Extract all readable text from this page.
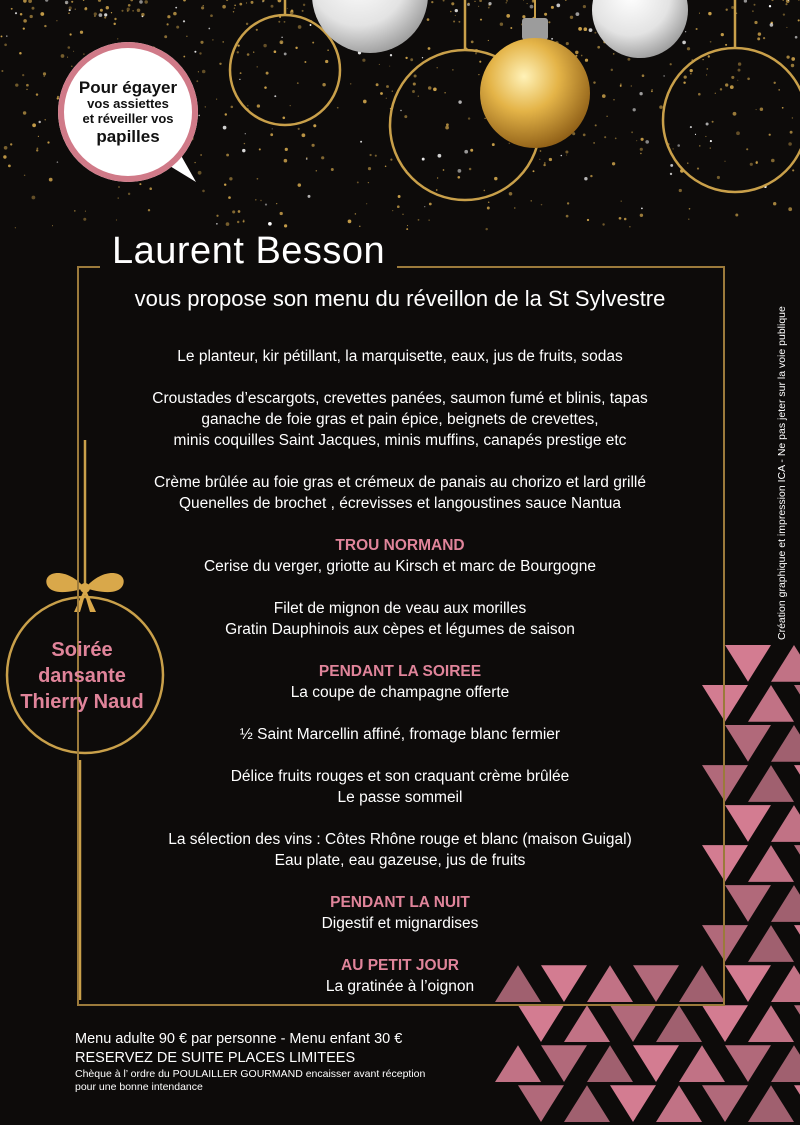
Pour égayer
vos assiettes
et réveiller vos
papilles
Laurent Besson
vous propose son menu du réveillon de la St Sylvestre
Le planteur, kir pétillant, la marquisette, eaux, jus de fruits, sodas
Croustades d’escargots, crevettes panées, saumon fumé et blinis, tapas
ganache de foie gras et pain épice, beignets de crevettes,
minis coquilles Saint Jacques, minis muffins, canapés prestige etc
Crème brûlée au foie gras et crémeux de panais au chorizo et lard grillé
Quenelles de brochet , écrevisses et langoustines sauce Nantua
TROU NORMAND
Cerise du verger, griotte au Kirsch et marc de Bourgogne
Filet de mignon de veau aux morilles
Gratin Dauphinois aux cèpes et légumes de saison
PENDANT LA SOIREE
La coupe de champagne offerte
½ Saint Marcellin affiné, fromage blanc fermier
Délice fruits rouges et son craquant crème brûlée
Le passe sommeil
La sélection des vins : Côtes Rhône rouge et blanc (maison Guigal)
Eau plate, eau gazeuse, jus de fruits
PENDANT LA NUIT
Digestif et mignardises
AU PETIT JOUR
La gratinée à l’oignon
Soirée
dansante
Thierry Naud
Création graphique et impression ICA - Ne pas jeter sur la voie publique
Menu adulte 90 € par personne - Menu enfant 30 €
RESERVEZ DE SUITE PLACES LIMITEES
Chèque à l’ ordre du POULAILLER GOURMAND encaisser avant réception
pour une bonne intendance
